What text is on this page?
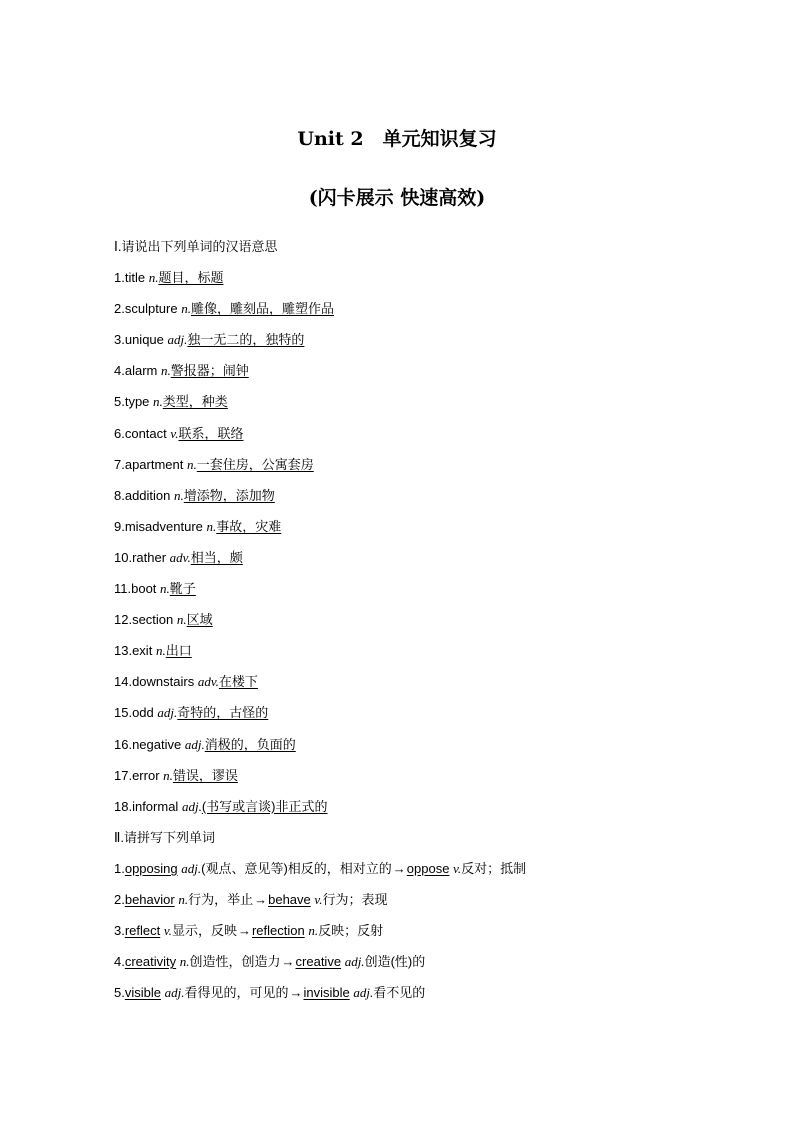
Unit 2　单元知识复习
(闪卡展示 快速高效)
Ⅰ.请说出下列单词的汉语意思
1.title n.题目，标题
2.sculpture n.雕像，雕刻品，雕塑作品
3.unique adj.独一无二的，独特的
4.alarm n.警报器；闹钟
5.type n.类型，种类
6.contact v.联系，联络
7.apartment n.一套住房，公寓套房
8.addition n.增添物，添加物
9.misadventure n.事故，灾难
10.rather adv.相当，颇
11.boot n.靴子
12.section n.区域
13.exit n.出口
14.downstairs adv.在楼下
15.odd adj.奇特的，古怪的
16.negative adj.消极的，负面的
17.error n.错误，谬误
18.informal adj.(书写或言谈)非正式的
Ⅱ.请拼写下列单词
1.opposing adj.(观点、意见等)相反的，相对立的→oppose v.反对；抵制
2.behavior n.行为，举止→behave v.行为；表现
3.reflect v.显示，反映→reflection n.反映；反射
4.creativity n.创造性，创造力→creative adj.创造(性)的
5.visible adj.看得见的，可见的→invisible adj.看不见的
